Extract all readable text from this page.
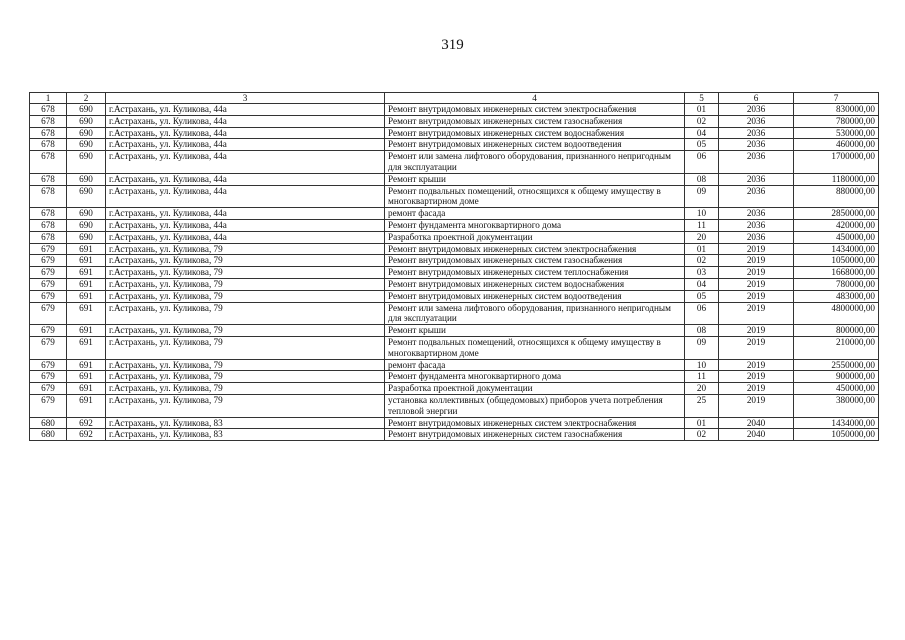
319
1	2	3	4	5	6	7
678	690	г.Астрахань, ул. Куликова, 44а	Ремонт внутридомовых инженерных систем электроснабжения	01	2036	830000,00
678	690	г.Астрахань, ул. Куликова, 44а	Ремонт внутридомовых инженерных систем газоснабжения	02	2036	780000,00
678	690	г.Астрахань, ул. Куликова, 44а	Ремонт внутридомовых инженерных систем водоснабжения	04	2036	530000,00
678	690	г.Астрахань, ул. Куликова, 44а	Ремонт внутридомовых инженерных систем водоотведения	05	2036	460000,00
678	690	г.Астрахань, ул. Куликова, 44а	Ремонт или замена лифтового оборудования, признанного непригодным для эксплуатации	06	2036	1700000,00
678	690	г.Астрахань, ул. Куликова, 44а	Ремонт крыши	08	2036	1180000,00
678	690	г.Астрахань, ул. Куликова, 44а	Ремонт подвальных помещений, относящихся к общему имуществу в многоквартирном доме	09	2036	880000,00
678	690	г.Астрахань, ул. Куликова, 44а	ремонт фасада	10	2036	2850000,00
678	690	г.Астрахань, ул. Куликова, 44а	Ремонт фундамента многоквартирного дома	11	2036	420000,00
678	690	г.Астрахань, ул. Куликова, 44а	Разработка проектной документации	20	2036	450000,00
679	691	г.Астрахань, ул. Куликова, 79	Ремонт внутридомовых инженерных систем электроснабжения	01	2019	1434000,00
679	691	г.Астрахань, ул. Куликова, 79	Ремонт внутридомовых инженерных систем газоснабжения	02	2019	1050000,00
679	691	г.Астрахань, ул. Куликова, 79	Ремонт внутридомовых инженерных систем теплоснабжения	03	2019	1668000,00
679	691	г.Астрахань, ул. Куликова, 79	Ремонт внутридомовых инженерных систем водоснабжения	04	2019	780000,00
679	691	г.Астрахань, ул. Куликова, 79	Ремонт внутридомовых инженерных систем водоотведения	05	2019	483000,00
679	691	г.Астрахань, ул. Куликова, 79	Ремонт или замена лифтового оборудования, признанного непригодным для эксплуатации	06	2019	4800000,00
679	691	г.Астрахань, ул. Куликова, 79	Ремонт крыши	08	2019	800000,00
679	691	г.Астрахань, ул. Куликова, 79	Ремонт подвальных помещений, относящихся к общему имуществу в многоквартирном доме	09	2019	210000,00
679	691	г.Астрахань, ул. Куликова, 79	ремонт фасада	10	2019	2550000,00
679	691	г.Астрахань, ул. Куликова, 79	Ремонт фундамента многоквартирного дома	11	2019	900000,00
679	691	г.Астрахань, ул. Куликова, 79	Разработка проектной документации	20	2019	450000,00
679	691	г.Астрахань, ул. Куликова, 79	установка коллективных (общедомовых) приборов учета потребления тепловой энергии	25	2019	380000,00
680	692	г.Астрахань, ул. Куликова, 83	Ремонт внутридомовых инженерных систем электроснабжения	01	2040	1434000,00
680	692	г.Астрахань, ул. Куликова, 83	Ремонт внутридомовых инженерных систем газоснабжения	02	2040	1050000,00
